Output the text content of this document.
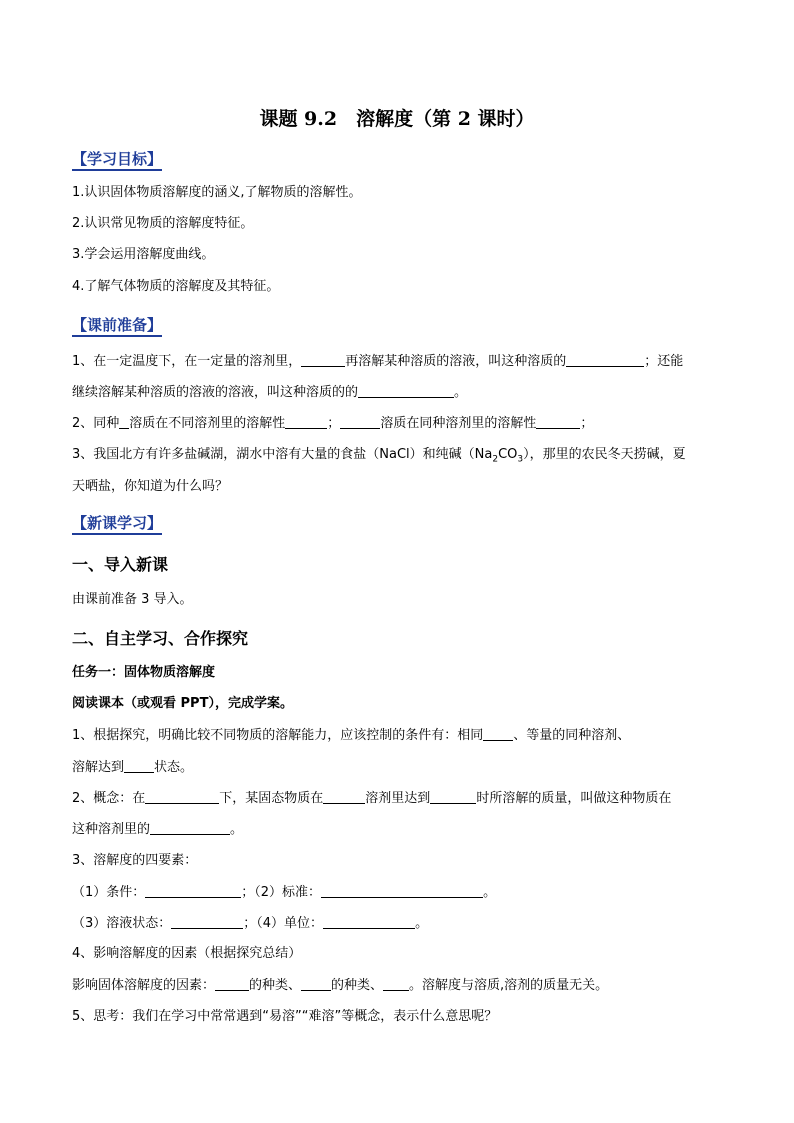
课题 9.2　溶解度（第 2 课时）
【学习目标】
1.认识固体物质溶解度的涵义,了解物质的溶解性。
2.认识常见物质的溶解度特征。
3.学会运用溶解度曲线。
4.了解气体物质的溶解度及其特征。
【课前准备】
1、在一定温度下，在一定量的溶剂里，	再溶解某种溶质的溶液，叫这种溶质的	；还能
继续溶解某种溶质的溶液的溶液，叫这种溶质的的	。
2、同种 溶质在不同溶剂里的溶解性	；	溶质在同种溶剂里的溶解性	；
3、我国北方有许多盐碱湖，湖水中溶有大量的食盐（NaCl）和纯碱$(Na_2CO_3)$，那里的农民冬天捞碱，夏
天晒盐，你知道为什么吗？
【新课学习】
一、导入新课
由课前准备 3 导入。
二、自主学习、合作探究
任务一：固体物质溶解度
阅读课本（或观看 PPT），完成学案。
1、根据探究，明确比较不同物质的溶解能力，应该控制的条件有：相同 、等量的同种溶剂、
溶解达到 状态。
2、概念：在	下，某固态物质在	溶剂里达到	时所溶解的质量，叫做这种物质在
这种溶剂里的	。
3、溶解度的四要素：
（1）条件：	；（2）标准：	。
（3）溶液状态：	；（4）单位：	。
4、影响溶解度的因素（根据探究总结）
影响固体溶解度的因素：	的种类、 的种类、 。溶解度与溶质,溶剂的质量无关。
5、思考：我们在学习中常常遇到“易溶”“难溶”等概念，表示什么意思呢？
